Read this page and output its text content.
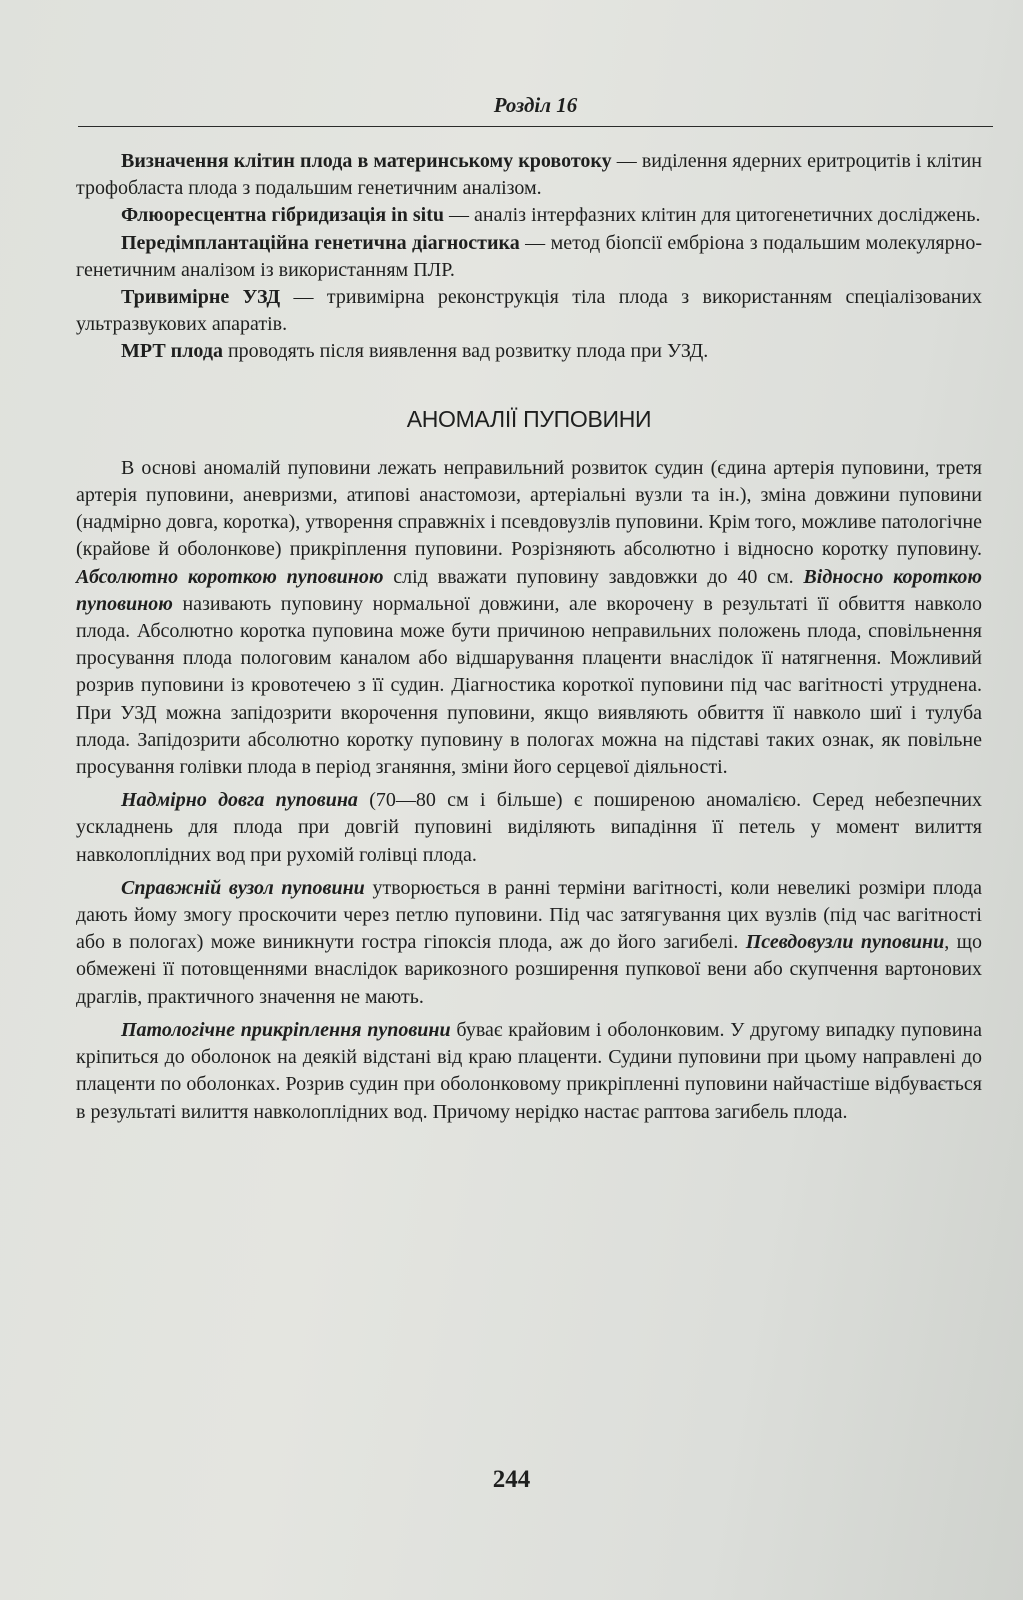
Розділ 16

Визначення клітин плода в материнському кровотоку — виділення ядерних еритроцитів і клітин трофобласта плода з подальшим генетичним аналізом.

Флюоресцентна гібридизація in situ — аналіз інтерфазних клітин для цитогенетичних досліджень.

Передімплантаційна генетична діагностика — метод біопсії ембріона з подальшим молекулярно-генетичним аналізом із використанням ПЛР.

Тривимірне УЗД — тривимірна реконструкція тіла плода з використанням спеціалізованих ультразвукових апаратів.

МРТ плода проводять після виявлення вад розвитку плода при УЗД.

АНОМАЛІЇ ПУПОВИНИ

В основі аномалій пуповини лежать неправильний розвиток судин (єдина артерія пуповини, третя артерія пуповини, аневризми, атипові анастомози, артеріальні вузли та ін.), зміна довжини пуповини (надмірно довга, коротка), утворення справжніх і псевдовузлів пуповини. Крім того, можливе патологічне (крайове й оболонкове) прикріплення пуповини. Розрізняють абсолютно і відносно коротку пуповину. Абсолютно короткою пуповиною слід вважати пуповину завдовжки до 40 см. Відносно короткою пуповиною називають пуповину нормальної довжини, але вкорочену в результаті її обвиття навколо плода. Абсолютно коротка пуповина може бути причиною неправильних положень плода, сповільнення просування плода пологовим каналом або відшарування плаценти внаслідок її натягнення. Можливий розрив пуповини із кровотечею з її судин. Діагностика короткої пуповини під час вагітності утруднена. При УЗД можна запідозрити вкорочення пуповини, якщо виявляють обвиття її навколо шиї і тулуба плода. Запідозрити абсолютно коротку пуповину в пологах можна на підставі таких ознак, як повільне просування голівки плода в період зганяння, зміни його серцевої діяльності.

Надмірно довга пуповина (70—80 см і більше) є поширеною аномалією. Серед небезпечних ускладнень для плода при довгій пуповині виділяють випадіння її петель у момент вилиття навколоплідних вод при рухомій голівці плода.

Справжній вузол пуповини утворюється в ранні терміни вагітності, коли невеликі розміри плода дають йому змогу проскочити через петлю пуповини. Під час затягування цих вузлів (під час вагітності або в пологах) може виникнути гостра гіпоксія плода, аж до його загибелі. Псевдовузли пуповини, що обмежені її потовщеннями внаслідок варикозного розширення пупкової вени або скупчення вартонових драглів, практичного значення не мають.

Патологічне прикріплення пуповини буває крайовим і оболонковим. У другому випадку пуповина кріпиться до оболонок на деякій відстані від краю плаценти. Судини пуповини при цьому направлені до плаценти по оболонках. Розрив судин при оболонковому прикріпленні пуповини найчастіше відбувається в результаті вилиття навколоплідних вод. Причому нерідко настає раптова загибель плода.

244
